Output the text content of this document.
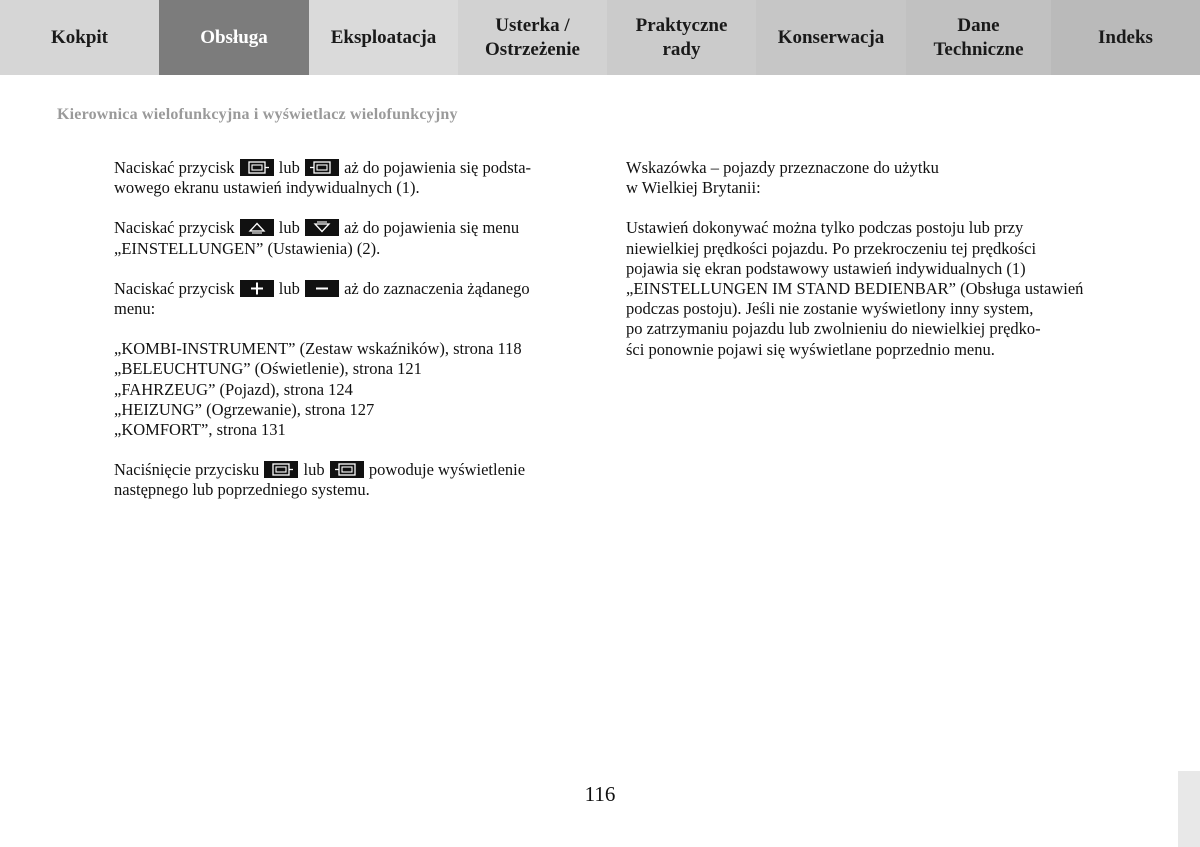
Kokpit	Obsługa	Eksploatacja
Usterka /
Ostrzeżenie
Praktyczne
rady
Konserwacja
Dane
Techniczne
Indeks
Kierownica wielofunkcyjna i wyświetlacz wielofunkcyjny

Naciskać przycisk
lub
aż do pojawienia się podsta-
wowego ekranu ustawień indywidualnych (1).

Naciskać przycisk
lub
aż do pojawienia się menu
„EINSTELLUNGEN” (Ustawienia) (2).

Naciskać przycisk
lub
aż do zaznaczenia żądanego
menu:

„KOMBI-INSTRUMENT” (Zestaw wskaźników), strona 118
„BELEUCHTUNG” (Oświetlenie), strona 121
„FAHRZEUG” (Pojazd), strona 124
„HEIZUNG” (Ogrzewanie), strona 127
„KOMFORT”, strona 131

Naciśnięcie przycisku
lub
powoduje wyświetlenie
następnego lub poprzedniego systemu.

Wskazówka – pojazdy przeznaczone do użytku
w Wielkiej Brytanii:

Ustawień dokonywać można tylko podczas postoju lub przy
niewielkiej prędkości pojazdu. Po przekroczeniu tej prędkości
pojawia się ekran podstawowy ustawień indywidualnych (1)
„EINSTELLUNGEN IM STAND BEDIENBAR” (Obsługa ustawień
podczas postoju). Jeśli nie zostanie wyświetlony inny system,
po zatrzymaniu pojazdu lub zwolnieniu do niewielkiej prędko-
ści ponownie pojawi się wyświetlane poprzednio menu.

116
